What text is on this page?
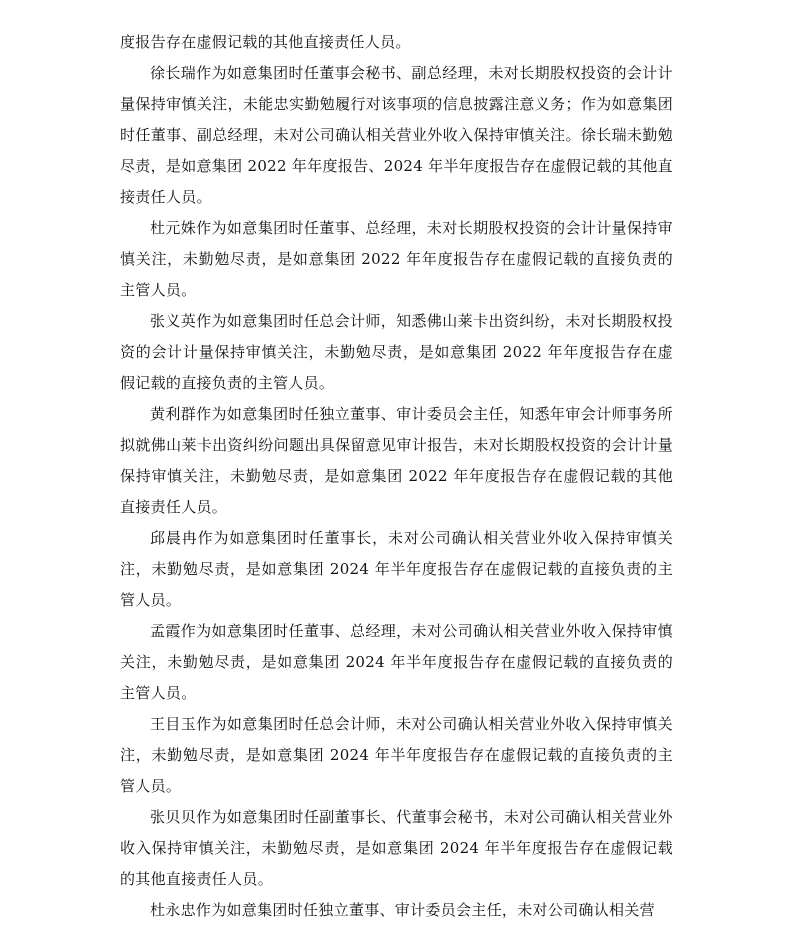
度报告存在虚假记载的其他直接责任人员。

徐长瑞作为如意集团时任董事会秘书、副总经理，未对长期股权投资的会计计量保持审慎关注，未能忠实勤勉履行对该事项的信息披露注意义务；作为如意集团时任董事、副总经理，未对公司确认相关营业外收入保持审慎关注。徐长瑞未勤勉尽责，是如意集团 2022 年年度报告、2024 年半年度报告存在虚假记载的其他直接责任人员。

杜元姝作为如意集团时任董事、总经理，未对长期股权投资的会计计量保持审慎关注，未勤勉尽责，是如意集团 2022 年年度报告存在虚假记载的直接负责的主管人员。

张义英作为如意集团时任总会计师，知悉佛山莱卡出资纠纷，未对长期股权投资的会计计量保持审慎关注，未勤勉尽责，是如意集团 2022 年年度报告存在虚假记载的直接负责的主管人员。

黄利群作为如意集团时任独立董事、审计委员会主任，知悉年审会计师事务所拟就佛山莱卡出资纠纷问题出具保留意见审计报告，未对长期股权投资的会计计量保持审慎关注，未勤勉尽责，是如意集团 2022 年年度报告存在虚假记载的其他直接责任人员。

邱晨冉作为如意集团时任董事长，未对公司确认相关营业外收入保持审慎关注，未勤勉尽责，是如意集团 2024 年半年度报告存在虚假记载的直接负责的主管人员。

孟霞作为如意集团时任董事、总经理，未对公司确认相关营业外收入保持审慎关注，未勤勉尽责，是如意集团 2024 年半年度报告存在虚假记载的直接负责的主管人员。

王目玉作为如意集团时任总会计师，未对公司确认相关营业外收入保持审慎关注，未勤勉尽责，是如意集团 2024 年半年度报告存在虚假记载的直接负责的主管人员。

张贝贝作为如意集团时任副董事长、代董事会秘书，未对公司确认相关营业外收入保持审慎关注，未勤勉尽责，是如意集团 2024 年半年度报告存在虚假记载的其他直接责任人员。

杜永忠作为如意集团时任独立董事、审计委员会主任，未对公司确认相关营
